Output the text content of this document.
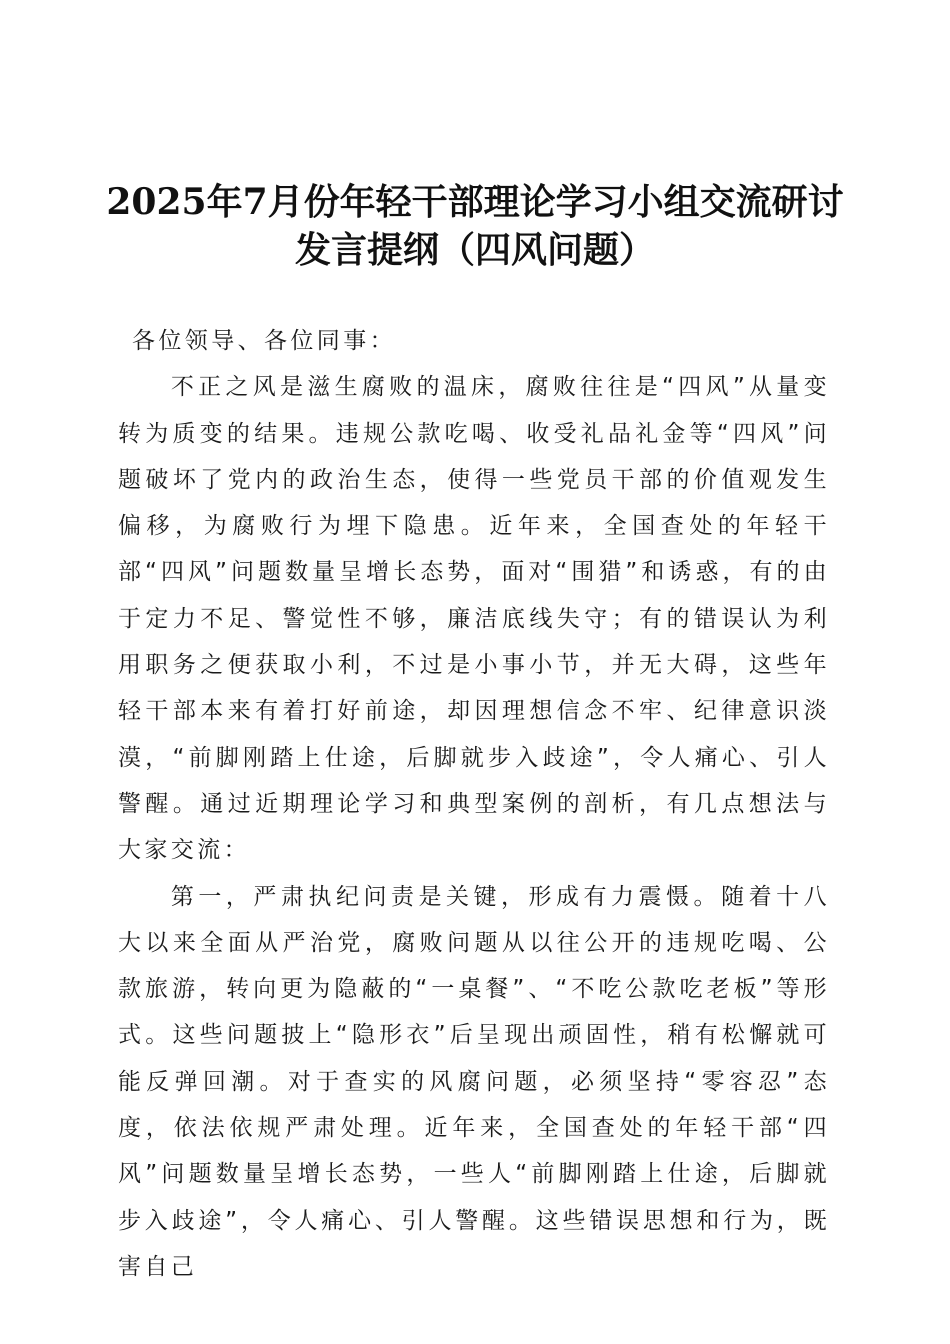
2025年7月份年轻干部理论学习小组交流研讨
发言提纲（四风问题）

各位领导、各位同事：

不正之风是滋生腐败的温床，腐败往往是“四风”从量变转为质变的结果。违规公款吃喝、收受礼品礼金等“四风”问题破坏了党内的政治生态，使得一些党员干部的价值观发生偏移，为腐败行为埋下隐患。近年来，全国查处的年轻干部“四风”问题数量呈增长态势，面对“围猎”和诱惑，有的由于定力不足、警觉性不够，廉洁底线失守；有的错误认为利用职务之便获取小利，不过是小事小节，并无大碍，这些年轻干部本来有着打好前途，却因理想信念不牢、纪律意识淡漠，“前脚刚踏上仕途，后脚就步入歧途”，令人痛心、引人警醒。通过近期理论学习和典型案例的剖析，有几点想法与大家交流：

第一，严肃执纪问责是关键，形成有力震慑。随着十八大以来全面从严治党，腐败问题从以往公开的违规吃喝、公款旅游，转向更为隐蔽的“一桌餐”、“不吃公款吃老板”等形式。这些问题披上“隐形衣”后呈现出顽固性，稍有松懈就可能反弹回潮。对于查实的风腐问题，必须坚持“零容忍”态度，依法依规严肃处理。近年来，全国查处的年轻干部“四风”问题数量呈增长态势，一些人“前脚刚踏上仕途，后脚就步入歧途”，令人痛心、引人警醒。这些错误思想和行为，既害自己
